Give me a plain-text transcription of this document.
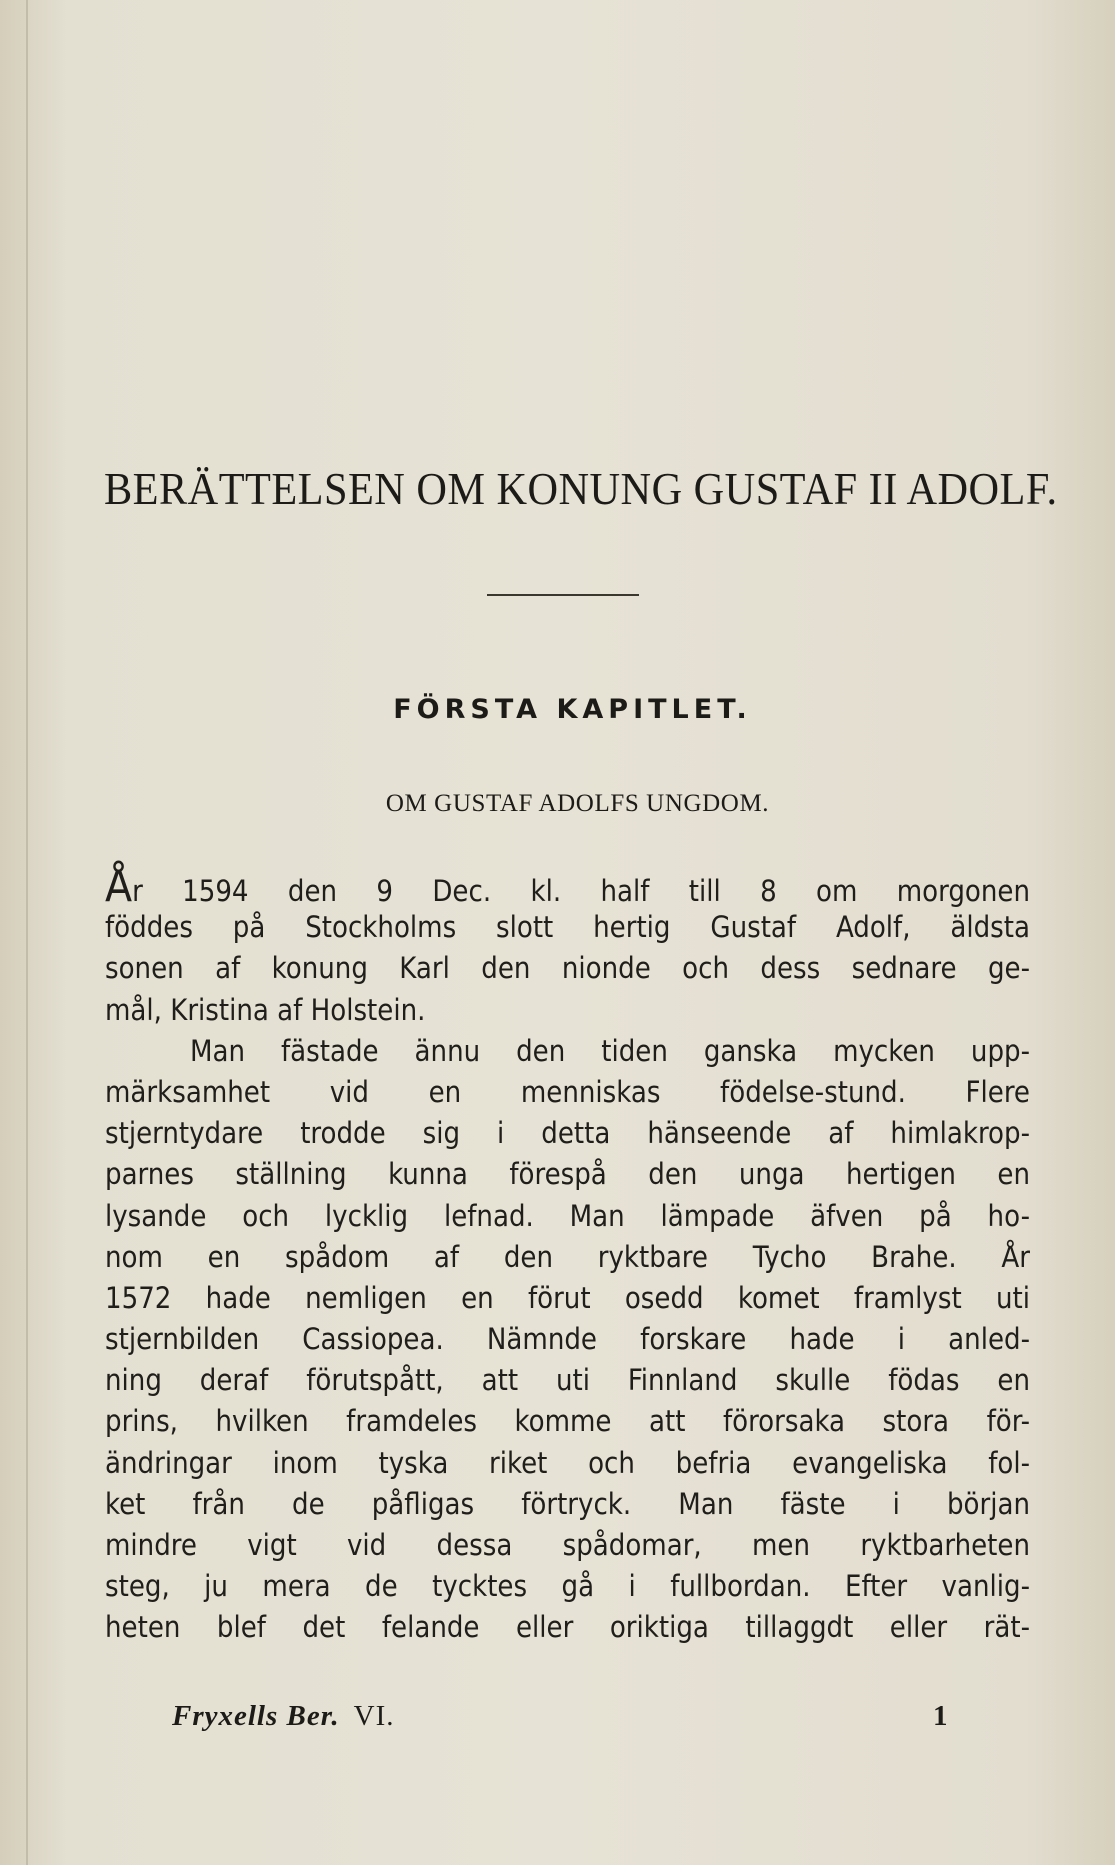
BERÄTTELSEN OM KONUNG GUSTAF II ADOLF.
FÖRSTA KAPITLET.
OM GUSTAF ADOLFS UNGDOM.
År 1594 den 9 Dec. kl. half till 8 om morgonen
föddes på Stockholms slott hertig Gustaf Adolf, äldsta
sonen af konung Karl den nionde och dess sednare ge-
mål, Kristina af Holstein.
Man fästade ännu den tiden ganska mycken upp-
märksamhet vid en menniskas födelse-stund. Flere
stjerntydare trodde sig i detta hänseende af himlakrop-
parnes ställning kunna förespå den unga hertigen en
lysande och lycklig lefnad. Man lämpade äfven på ho-
nom en spådom af den ryktbare Tycho Brahe. År
1572 hade nemligen en förut osedd komet framlyst uti
stjernbilden Cassiopea. Nämnde forskare hade i anled-
ning deraf förutspått, att uti Finnland skulle födas en
prins, hvilken framdeles komme att förorsaka stora för-
ändringar inom tyska riket och befria evangeliska fol-
ket från de påfligas förtryck. Man fäste i början
mindre vigt vid dessa spådomar, men ryktbarheten
steg, ju mera de tycktes gå i fullbordan. Efter vanlig-
heten blef det felande eller oriktiga tillaggdt eller rät-
Fryxells Ber. VI.	1
